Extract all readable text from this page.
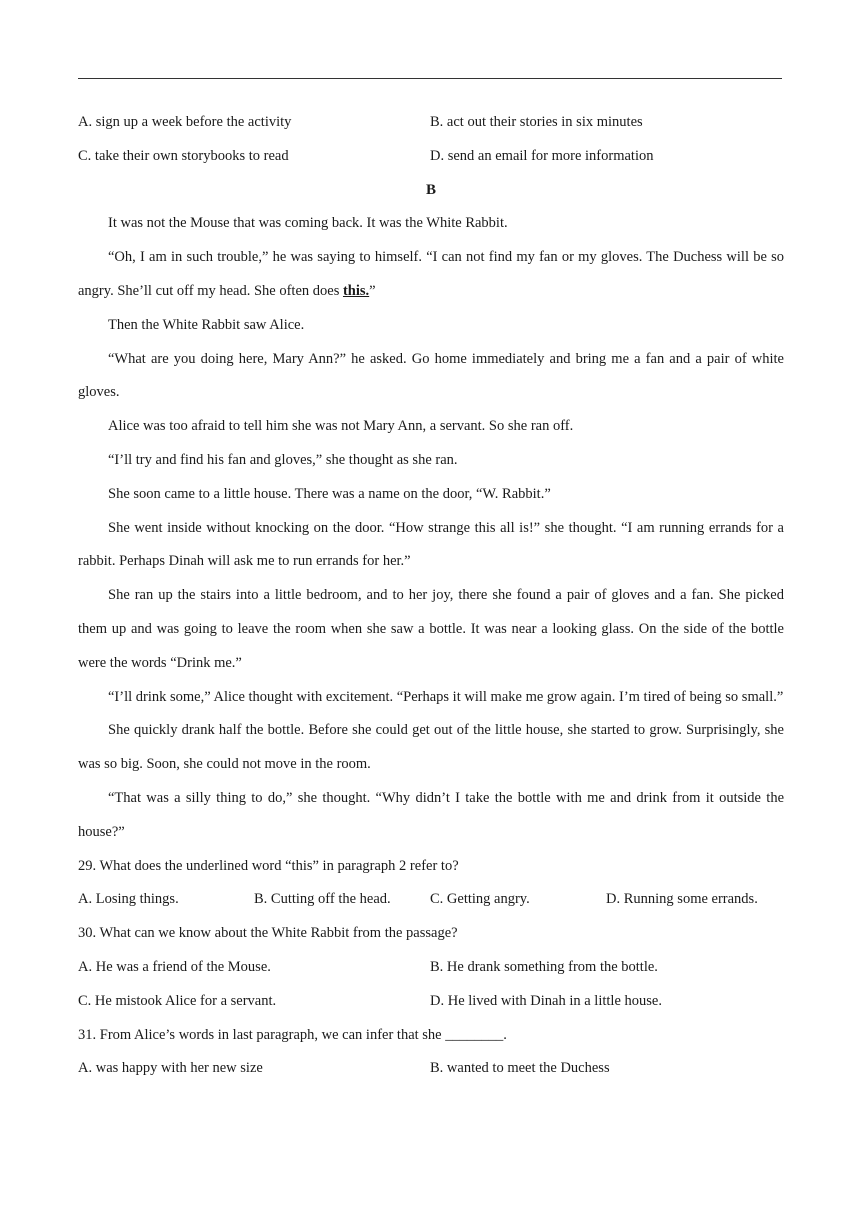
A. sign up a week before the activity	B. act out their stories in six minutes
C. take their own storybooks to read	D. send an email for more information
B

It was not the Mouse that was coming back. It was the White Rabbit.

“Oh, I am in such trouble,” he was saying to himself. “I can not find my fan or my gloves. The Duchess will be so angry. She’ll cut off my head. She often does this.”

Then the White Rabbit saw Alice.

“What are you doing here, Mary Ann?” he asked. Go home immediately and bring me a fan and a pair of white gloves.

Alice was too afraid to tell him she was not Mary Ann, a servant. So she ran off.

“I’ll try and find his fan and gloves,” she thought as she ran.

She soon came to a little house. There was a name on the door, “W. Rabbit.”

She went inside without knocking on the door. “How strange this all is!” she thought. “I am running errands for a rabbit. Perhaps Dinah will ask me to run errands for her.”

She ran up the stairs into a little bedroom, and to her joy, there she found a pair of gloves and a fan. She picked them up and was going to leave the room when she saw a bottle. It was near a looking glass. On the side of the bottle were the words “Drink me.”

“I’ll drink some,” Alice thought with excitement. “Perhaps it will make me grow again. I’m tired of being so small.”

She quickly drank half the bottle. Before she could get out of the little house, she started to grow. Surprisingly, she was so big. Soon, she could not move in the room.

“That was a silly thing to do,” she thought. “Why didn’t I take the bottle with me and drink from it outside the house?”

29. What does the underlined word “this” in paragraph 2 refer to?
A. Losing things.	B. Cutting off the head.	C. Getting angry.	D. Running some errands.
30. What can we know about the White Rabbit from the passage?
A. He was a friend of the Mouse.	B. He drank something from the bottle.
C. He mistook Alice for a servant.	D. He lived with Dinah in a little house.
31. From Alice’s words in last paragraph, we can infer that she ________.
A. was happy with her new size	B. wanted to meet the Duchess
